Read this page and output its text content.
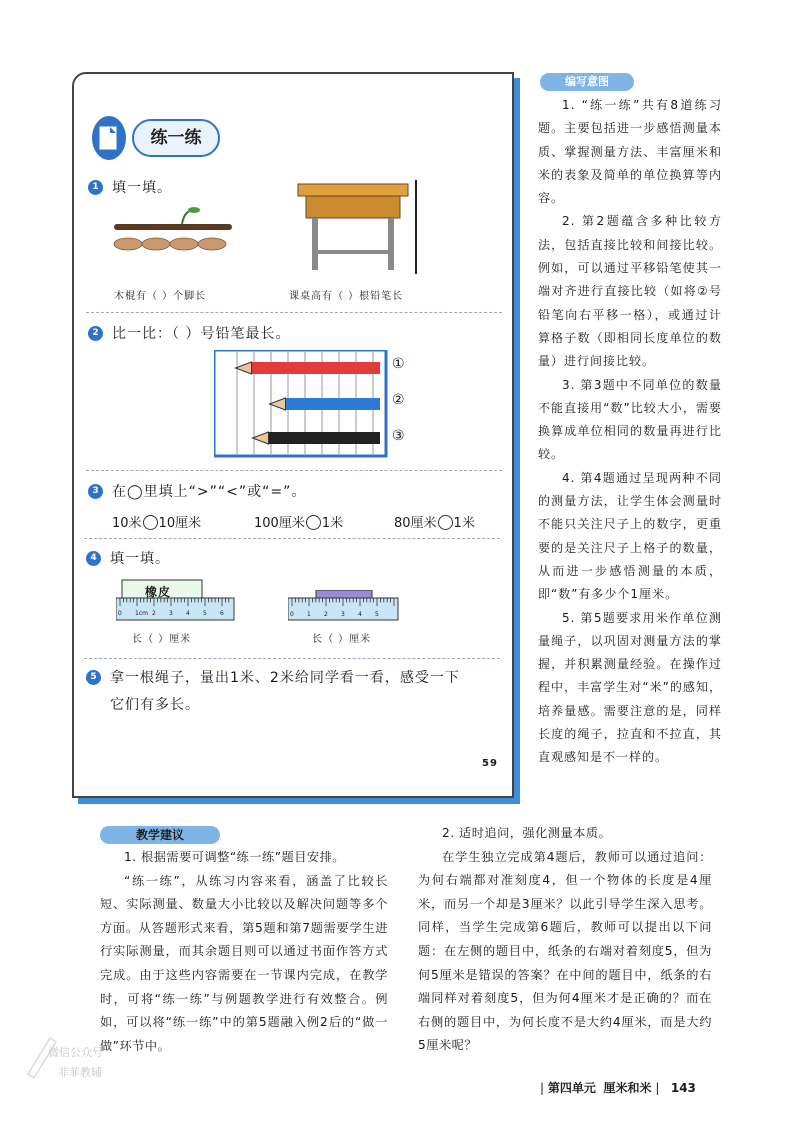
练一练
1 填一填。
木棍有（ ）个脚长	课桌高有（ ）根铅笔长
2 比一比：（ ）号铅笔最长。
①
②
③
3 在◯里填上“>”“<”或“=”。
10米 10厘米	100厘米 1米	80厘米 1米
4 填一填。
橡皮
0 1cm 2 3 4 5 6
长（ ）厘米
0 1 2 3 4 5
长（ ）厘米
5 拿一根绳子，量出1米、2米给同学看一看，感受一下
它们有多长。
59
编写意图

1. “练一练”共有8道练习题。主要包括进一步感悟测量本质、掌握测量方法、丰富厘米和米的表象及简单的单位换算等内容。

2. 第2题蕴含多种比较方法，包括直接比较和间接比较。例如，可以通过平移铅笔使其一端对齐进行直接比较（如将②号铅笔向右平移一格），或通过计算格子数（即相同长度单位的数量）进行间接比较。

3. 第3题中不同单位的数量不能直接用“数”比较大小，需要换算成单位相同的数量再进行比较。

4. 第4题通过呈现两种不同的测量方法，让学生体会测量时不能只关注尺子上的数字，更重要的是关注尺子上格子的数量，从而进一步感悟测量的本质，即“数”有多少个1厘米。

5. 第5题要求用米作单位测量绳子，以巩固对测量方法的掌握，并积累测量经验。在操作过程中，丰富学生对“米”的感知，培养量感。需要注意的是，同样长度的绳子，拉直和不拉直，其直观感知是不一样的。

教学建议

1. 根据需要可调整“练一练”题目安排。

“练一练”，从练习内容来看，涵盖了比较长短、实际测量、数量大小比较以及解决问题等多个方面。从答题形式来看，第5题和第7题需要学生进行实际测量，而其余题目则可以通过书面作答方式完成。由于这些内容需要在一节课内完成，在教学时，可将“练一练”与例题教学进行有效整合。例如，可以将“练一练”中的第5题融入例2后的“做一做”环节中。

2. 适时追问，强化测量本质。

在学生独立完成第4题后，教师可以通过追问：为何右端都对准刻度4，但一个物体的长度是4厘米，而另一个却是3厘米？以此引导学生深入思考。同样，当学生完成第6题后，教师可以提出以下问题：在左侧的题目中，纸条的右端对着刻度5，但为何5厘米是错误的答案？在中间的题目中，纸条的右端同样对着刻度5，但为何4厘米才是正确的？而在右侧的题目中，为何长度不是大约4厘米，而是大约5厘米呢？

| 第四单元 厘米和米 |   143
微信公众号
菲菲教辅
